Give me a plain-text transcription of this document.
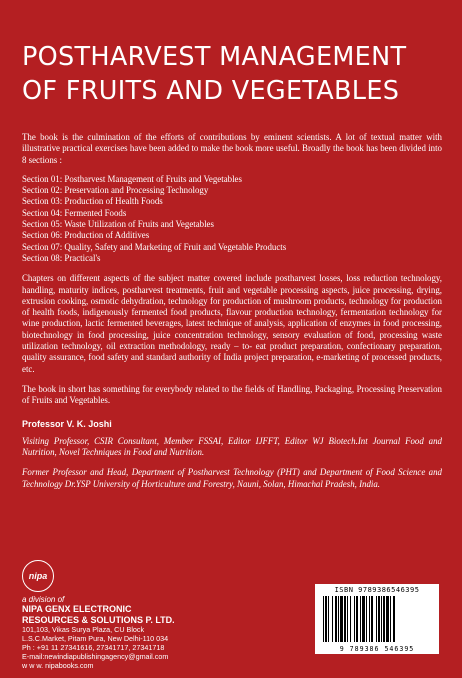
POSTHARVEST MANAGEMENT
OF FRUITS AND VEGETABLES

The book is the culmination of the efforts of contributions by eminent scientists. A lot of textual matter with illustrative practical exercises have been added to make the book more useful. Broadly the book has been divided into 8 sections :

Section 01: Postharvest Management of Fruits and Vegetables
Section 02: Preservation and Processing Technology
Section 03: Production of Health Foods
Section 04: Fermented Foods
Section 05: Waste Utilization of Fruits and Vegetables
Section 06: Production of Additives
Section 07: Quality, Safety and Marketing of Fruit and Vegetable Products
Section 08: Practical's

Chapters on different aspects of the subject matter covered include postharvest losses, loss reduction technology, handling, maturity indices, postharvest treatments, fruit and vegetable processing aspects, juice processing, drying, extrusion cooking, osmotic dehydration, technology for production of mushroom products, technology for production of health foods, indigenously fermented food products, flavour production technology, fermentation technology for wine production, lactic fermented beverages, latest technique of analysis, application of enzymes in food processing, biotechnology in food processing, juice concentration technology, sensory evaluation of food, processing waste utilization technology, oil extraction methodology, ready – to- eat product preparation, confectionary preparation, quality assurance, food safety and standard authority of India project preparation, e-marketing of processed products, etc.

The book in short has something for everybody related to the fields of Handling, Packaging, Processing Preservation of Fruits and Vegetables.

Professor V. K. Joshi

Visiting Professor, CSIR Consultant, Member FSSAI, Editor IJFFT, Editor WJ Biotech.Int Journal Food and Nutrition, Novel Techniques in Food and Nutrition.

Former Professor and Head, Department of Postharvest Technology (PHT) and Department of Food Science and Technology Dr.YSP University of Horticulture and Forestry, Nauni, Solan, Himachal Pradesh, India.

nipa
a division of
NIPA GENX ELECTRONIC
RESOURCES & SOLUTIONS P. LTD.
101,103, Vikas Surya Plaza, CU Block
L.S.C.Market, Pitam Pura, New Delhi-110 034
Ph : +91 11 27341616, 27341717, 27341718
E-mail:newindiapublishingagency@gmail.com
w w w. nipabooks.com
ISBN 9789386546395
9 789386 546395
